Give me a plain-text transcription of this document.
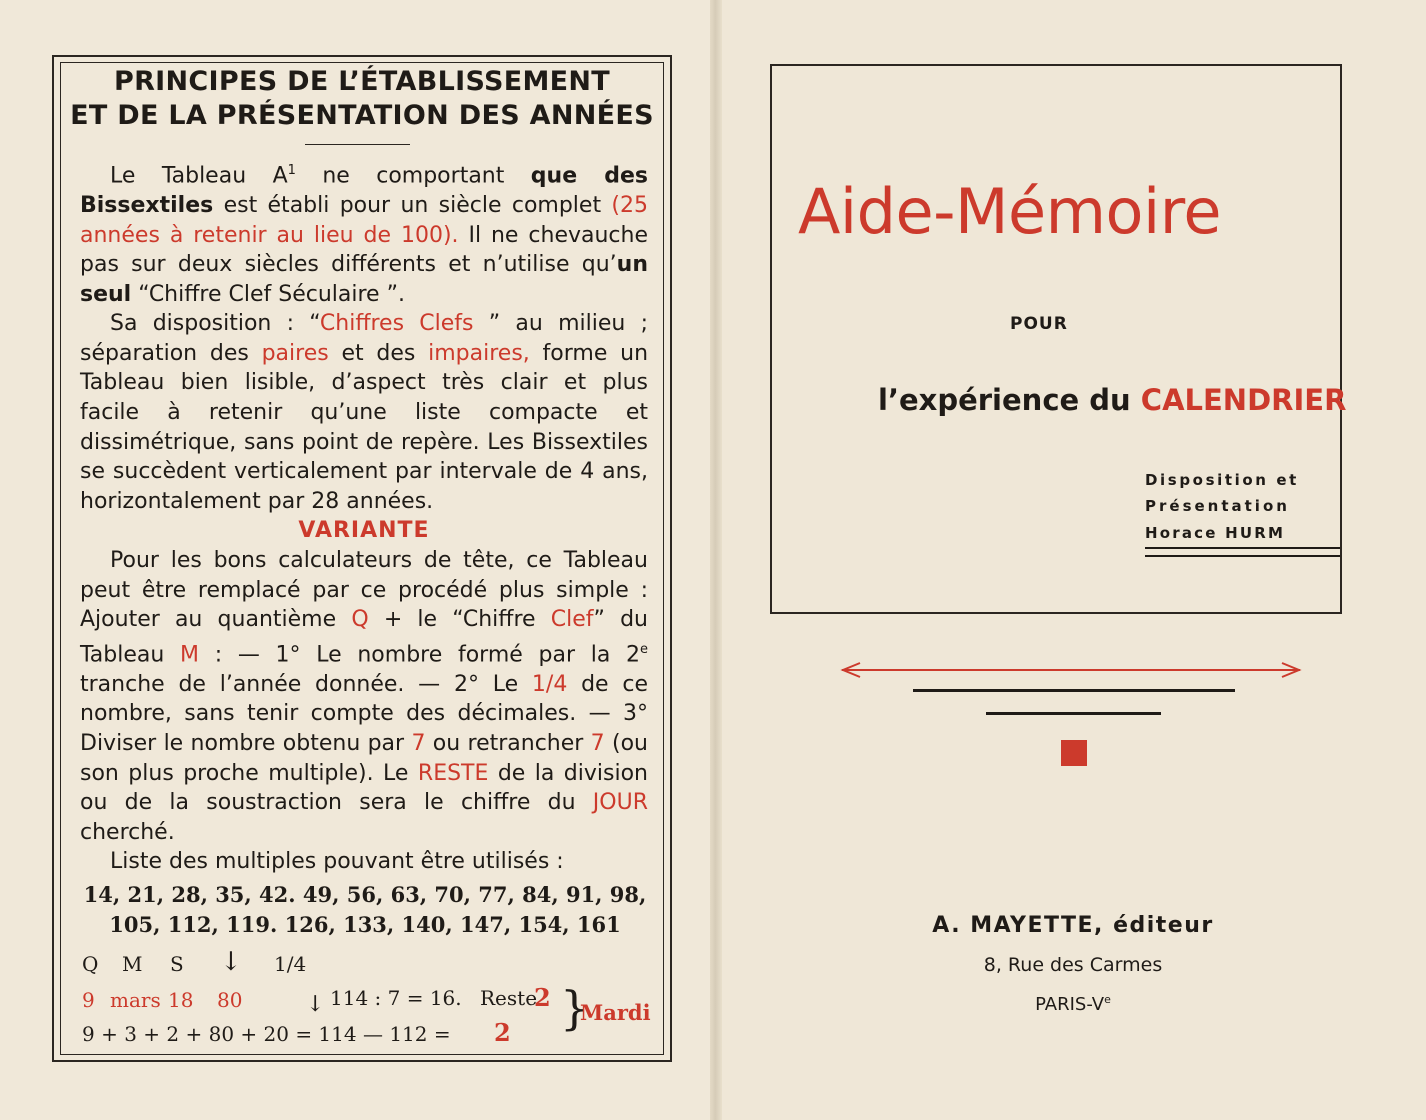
PRINCIPES DE L’ÉTABLISSEMENT
ET DE LA PRÉSENTATION DES ANNÉES

Le Tableau $A^1$ ne comportant que des Bissextiles est établi pour un siècle complet (25 années à retenir au lieu de 100). Il ne chevauche pas sur deux siècles différents et n’utilise qu’un seul “Chiffre Clef Séculaire ”.

Sa disposition : “Chiffres Clefs ” au milieu ; séparation des paires et des impaires, forme un Tableau bien lisible, d’aspect très clair et plus facile à retenir qu’une liste compacte et dissimétrique, sans point de repère. Les Bissextiles se succèdent verticalement par intervale de 4 ans, horizontalement par 28 années.

VARIANTE

Pour les bons calculateurs de tête, ce Tableau peut être remplacé par ce procédé plus simple : Ajouter au quantième Q + le “Chiffre Clef” du Tableau M : — 1° Le nombre formé par la 2e tranche de l’année donnée. — 2° Le 1/4 de ce nombre, sans tenir compte des décimales. — 3° Diviser le nombre obtenu par 7 ou retrancher 7 (ou son plus proche multiple). Le RESTE de la division ou de la soustraction sera le chiffre du JOUR cherché.

Liste des multiples pouvant être utilisés :

14, 21, 28, 35, 42. 49, 56, 63, 70, 77, 84, 91, 98,
105, 112, 119. 126, 133, 140, 147, 154, 161
Q M S ↓ 1/4
9 mars 18 80	↓ 114 : 7 = 16. Reste
2 }
Mardi
9 + 3 + 2 + 80 + 20 = 114 — 112 = 2
Aide-Mémoire
POUR
l’expérience du CALENDRIER
Disposition et
Présentation
Horace HURM
A. MAYETTE, éditeur
8, Rue des Carmes
PARIS-Ve
